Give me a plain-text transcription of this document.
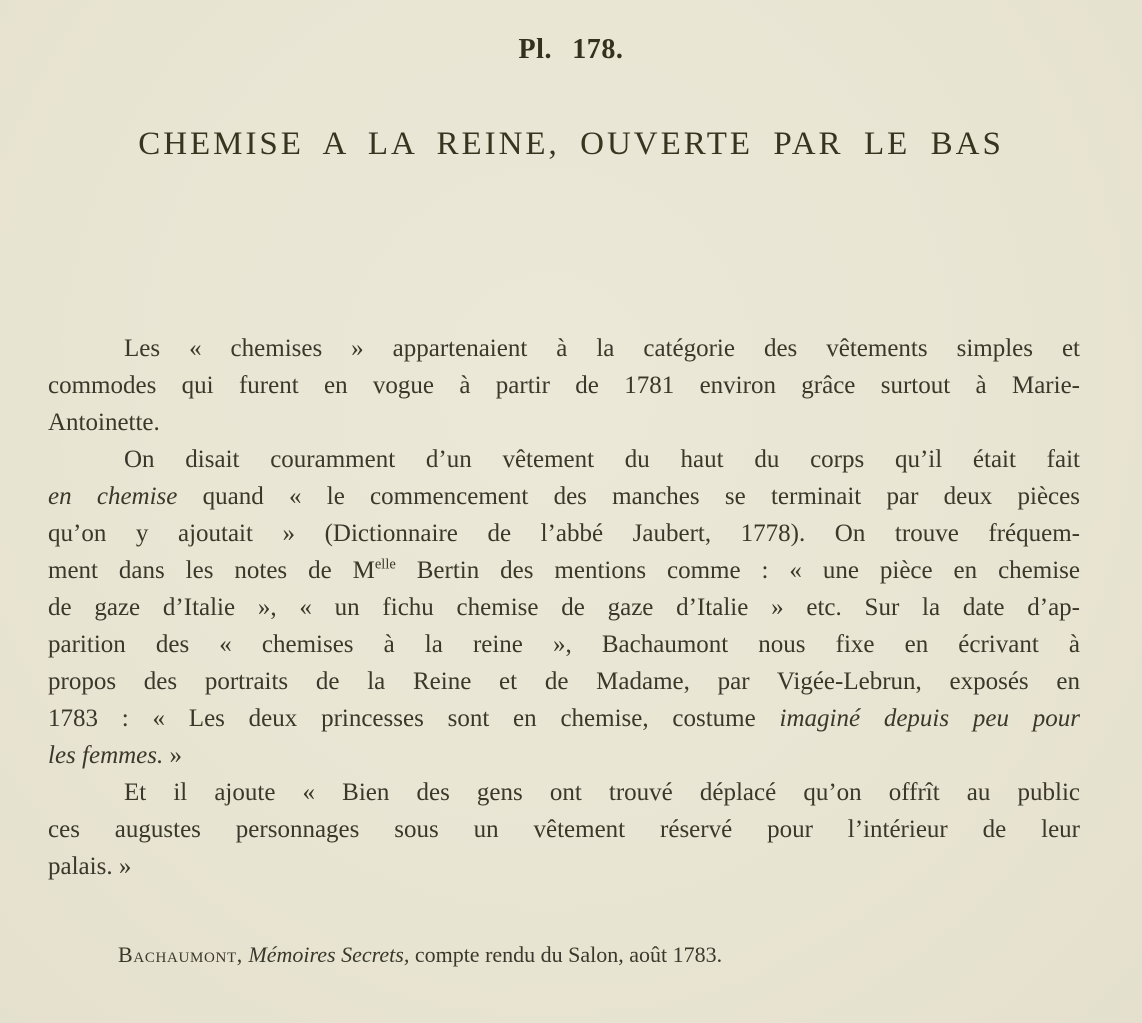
Pl. 178.
CHEMISE A LA REINE, OUVERTE PAR LE BAS
Les « chemises » appartenaient à la catégorie des vêtements simples et
commodes qui furent en vogue à partir de 1781 environ grâce surtout à Marie-
Antoinette.
On disait couramment d’un vêtement du haut du corps qu’il était fait
en chemise quand « le commencement des manches se terminait par deux pièces
qu’on y ajoutait » (Dictionnaire de l’abbé Jaubert, 1778). On trouve fréquem-
ment dans les notes de $M^{elle}$ Bertin des mentions comme : « une pièce en chemise
de gaze d’Italie », « un fichu chemise de gaze d’Italie » etc. Sur la date d’ap-
parition des « chemises à la reine », Bachaumont nous fixe en écrivant à
propos des portraits de la Reine et de Madame, par Vigée-Lebrun, exposés en
1783 : « Les deux princesses sont en chemise, costume imaginé depuis peu pour
les femmes. »
Et il ajoute « Bien des gens ont trouvé déplacé qu’on offrît au public
ces augustes personnages sous un vêtement réservé pour l’intérieur de leur
palais. »
Bachaumont, Mémoires Secrets, compte rendu du Salon, août 1783.
